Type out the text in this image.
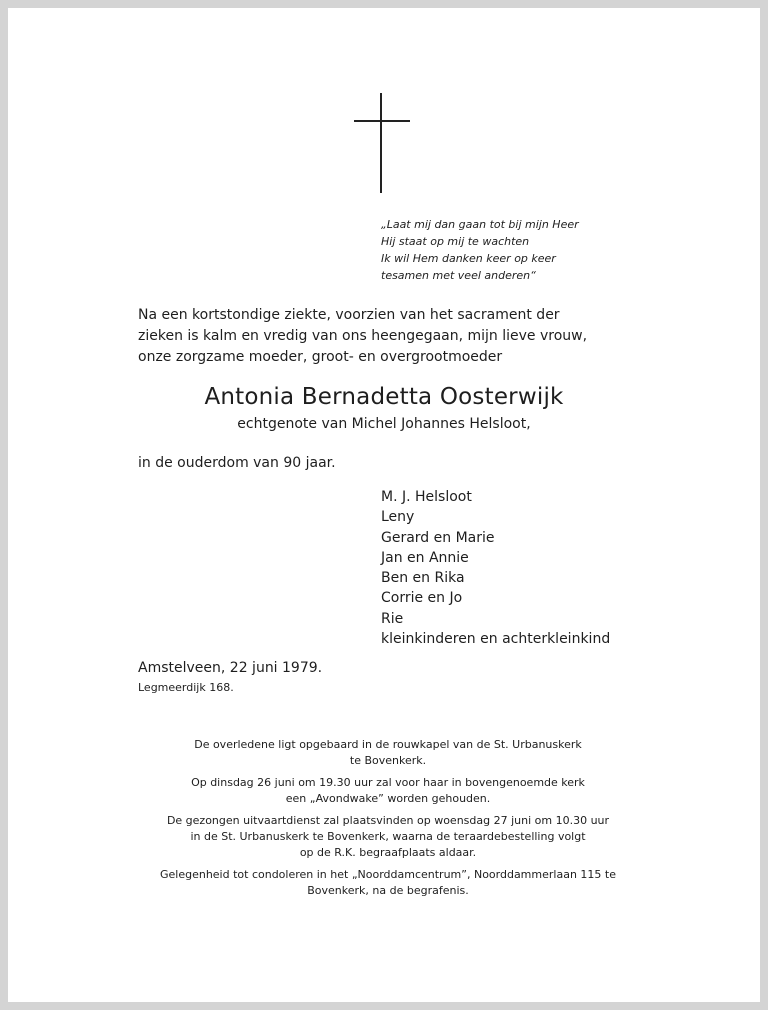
„Laat mij dan gaan tot bij mijn Heer
Hij staat op mij te wachten
Ik wil Hem danken keer op keer
tesamen met veel anderen“
Na een kortstondige ziekte, voorzien van het sacrament der
zieken is kalm en vredig van ons heengegaan, mijn lieve vrouw,
onze zorgzame moeder, groot- en overgrootmoeder
Antonia Bernadetta Oosterwijk
echtgenote van Michel Johannes Helsloot,
in de ouderdom van 90 jaar.
M. J. Helsloot
Leny
Gerard en Marie
Jan en Annie
Ben en Rika
Corrie en Jo
Rie
kleinkinderen en achterkleinkind
Amstelveen, 22 juni 1979.
Legmeerdijk 168.
De overledene ligt opgebaard in de rouwkapel van de St. Urbanuskerk
te Bovenkerk.
Op dinsdag 26 juni om 19.30 uur zal voor haar in bovengenoemde kerk
een „Avondwake” worden gehouden.
De gezongen uitvaartdienst zal plaatsvinden op woensdag 27 juni om 10.30 uur
in de St. Urbanuskerk te Bovenkerk, waarna de teraardebestelling volgt
op de R.K. begraafplaats aldaar.
Gelegenheid tot condoleren in het „Noorddamcentrum”, Noorddammerlaan 115 te
Bovenkerk, na de begrafenis.
